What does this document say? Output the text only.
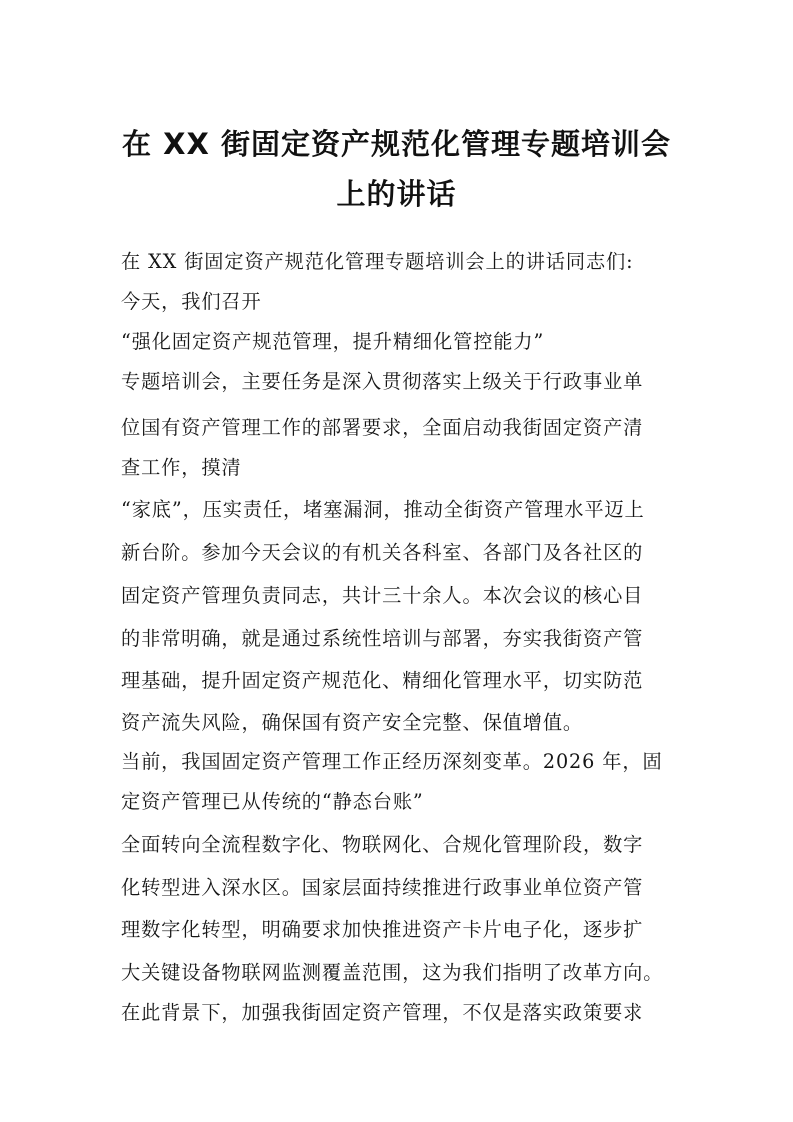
在 XX 街固定资产规范化管理专题培训会
上的讲话
在 XX 街固定资产规范化管理专题培训会上的讲话同志们:
今天，我们召开
“强化固定资产规范管理，提升精细化管控能力”
专题培训会，主要任务是深入贯彻落实上级关于行政事业单
位国有资产管理工作的部署要求，全面启动我街固定资产清
查工作，摸清
“家底”，压实责任，堵塞漏洞，推动全街资产管理水平迈上
新台阶。参加今天会议的有机关各科室、各部门及各社区的
固定资产管理负责同志，共计三十余人。本次会议的核心目
的非常明确，就是通过系统性培训与部署，夯实我街资产管
理基础，提升固定资产规范化、精细化管理水平，切实防范
资产流失风险，确保国有资产安全完整、保值增值。
当前，我国固定资产管理工作正经历深刻变革。2026 年，固
定资产管理已从传统的“静态台账”
全面转向全流程数字化、物联网化、合规化管理阶段，数字
化转型进入深水区。国家层面持续推进行政事业单位资产管
理数字化转型，明确要求加快推进资产卡片电子化，逐步扩
大关键设备物联网监测覆盖范围，这为我们指明了改革方向。
在此背景下，加强我街固定资产管理，不仅是落实政策要求
